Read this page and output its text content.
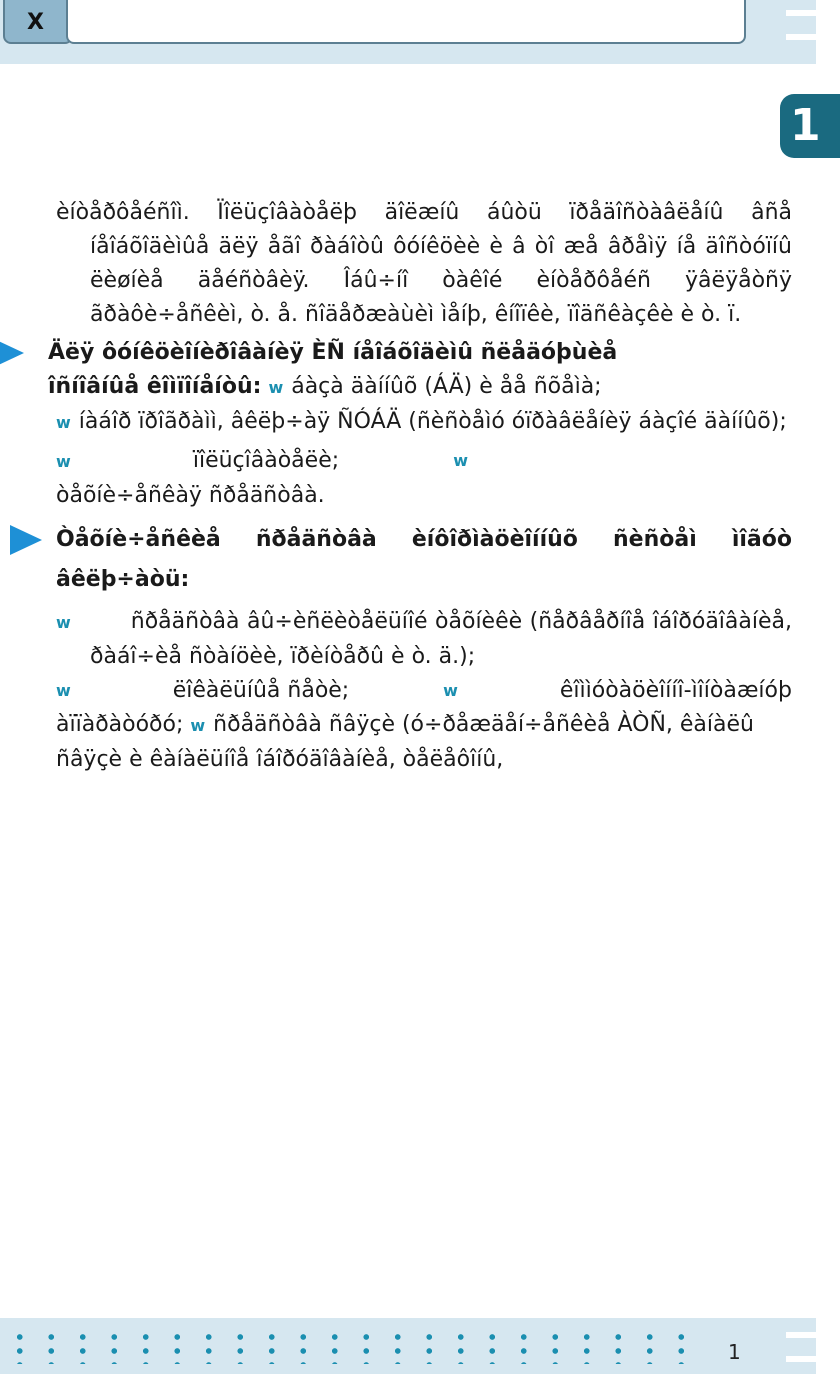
X
1
èíòåðôåéñîì. Ïîëüçîâàòåëþ äîëæíû áûòü ïðåäîñòàâëåíû âñå íåîáõîäèìûå äëÿ åãî ðàáîòû ôóíêöèè è â òî æå âðåìÿ íå äîñòóïíû ëèøíèå äåéñòâèÿ. Îáû÷íî òàêîé èíòåðôåéñ ÿâëÿåòñÿ ãðàôè÷åñêèì, ò. å. ñîäåðæàùèì ìåíþ, êíîïêè, ïîäñêàçêè è ò. ï.
Äëÿ ôóíêöèîíèðîâàíèÿ ÈÑ íåîáõîäèìû ñëåäóþùèå
îñíîâíûå êîìïîíåíòû: w áàçà äàííûõ (ÁÄ) è åå ñõåìà;
w íàáîð ïðîãðàìì, âêëþ÷àÿ ÑÓÁÄ (ñèñòåìó óïðàâëåíèÿ áàçîé äàííûõ);
w	ïîëüçîâàòåëè;	w
òåõíè÷åñêàÿ ñðåäñòâà.
Òåõíè÷åñêèå ñðåäñòâà èíôîðìàöèîííûõ ñèñòåì ìîãóò
âêëþ÷àòü:
w	ñðåäñòâà âû÷èñëèòåëüíîé òåõíèêè (ñåðâåðíîå îáîðóäîâàíèå, ðàáî÷èå ñòàíöèè, ïðèíòåðû è ò. ä.);
w	ëîêàëüíûå ñåòè;	w	êîììóòàöèîííî-ìîíòàæíóþ
àïïàðàòóðó; w ñðåäñòâà ñâÿçè (ó÷ðåæäåí÷åñêèå ÀÒÑ, êàíàëû ñâÿçè è êàíàëüíîå îáîðóäîâàíèå, òåëåôîíû,
1
